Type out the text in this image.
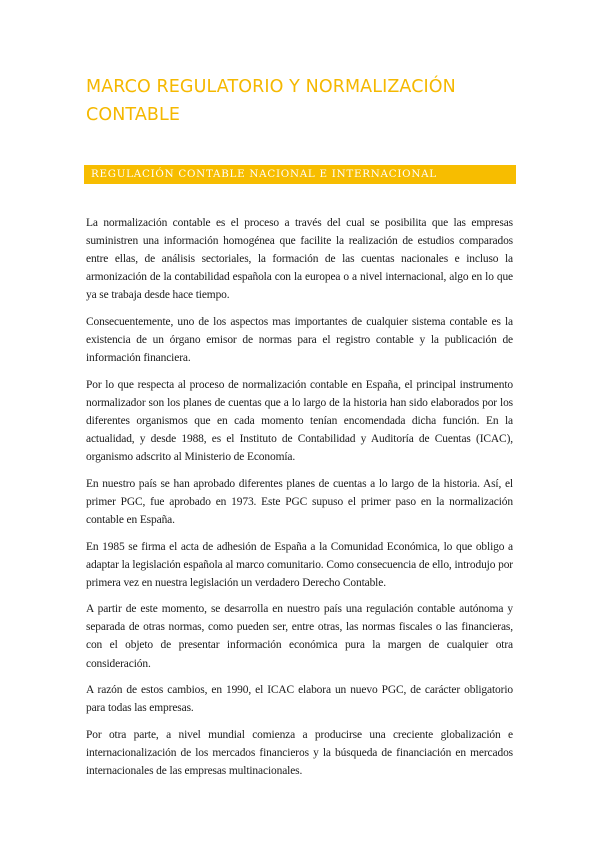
MARCO REGULATORIO Y NORMALIZACIÓN CONTABLE
REGULACIÓN CONTABLE NACIONAL E INTERNACIONAL

La normalización contable es el proceso a través del cual se posibilita que las empresas suministren una información homogénea que facilite la realización de estudios comparados entre ellas, de análisis sectoriales, la formación de las cuentas nacionales e incluso la armonización de la contabilidad española con la europea o a nivel internacional, algo en lo que ya se trabaja desde hace tiempo.

Consecuentemente, uno de los aspectos mas importantes de cualquier sistema contable es la existencia de un órgano emisor de normas para el registro contable y la publicación de información financiera.

Por lo que respecta al proceso de normalización contable en España, el principal instrumento normalizador son los planes de cuentas que a lo largo de la historia han sido elaborados por los diferentes organismos que en cada momento tenían encomendada dicha función. En la actualidad, y desde 1988, es el Instituto de Contabilidad y Auditoría de Cuentas (ICAC), organismo adscrito al Ministerio de Economía.

En nuestro país se han aprobado diferentes planes de cuentas a lo largo de la historia. Así, el primer PGC, fue aprobado en 1973. Este PGC supuso el primer paso en la normalización contable en España.

En 1985 se firma el acta de adhesión de España a la Comunidad Económica, lo que obligo a adaptar la legislación española al marco comunitario. Como consecuencia de ello, introdujo por primera vez en nuestra legislación un verdadero Derecho Contable.

A partir de este momento, se desarrolla en nuestro país una regulación contable autónoma y separada de otras normas, como pueden ser, entre otras, las normas fiscales o las financieras, con el objeto de presentar información económica pura la margen de cualquier otra consideración.

A razón de estos cambios, en 1990, el ICAC elabora un nuevo PGC, de carácter obligatorio para todas las empresas.

Por otra parte, a nivel mundial comienza a producirse una creciente globalización e internacionalización de los mercados financieros y la búsqueda de financiación en mercados internacionales de las empresas multinacionales.
